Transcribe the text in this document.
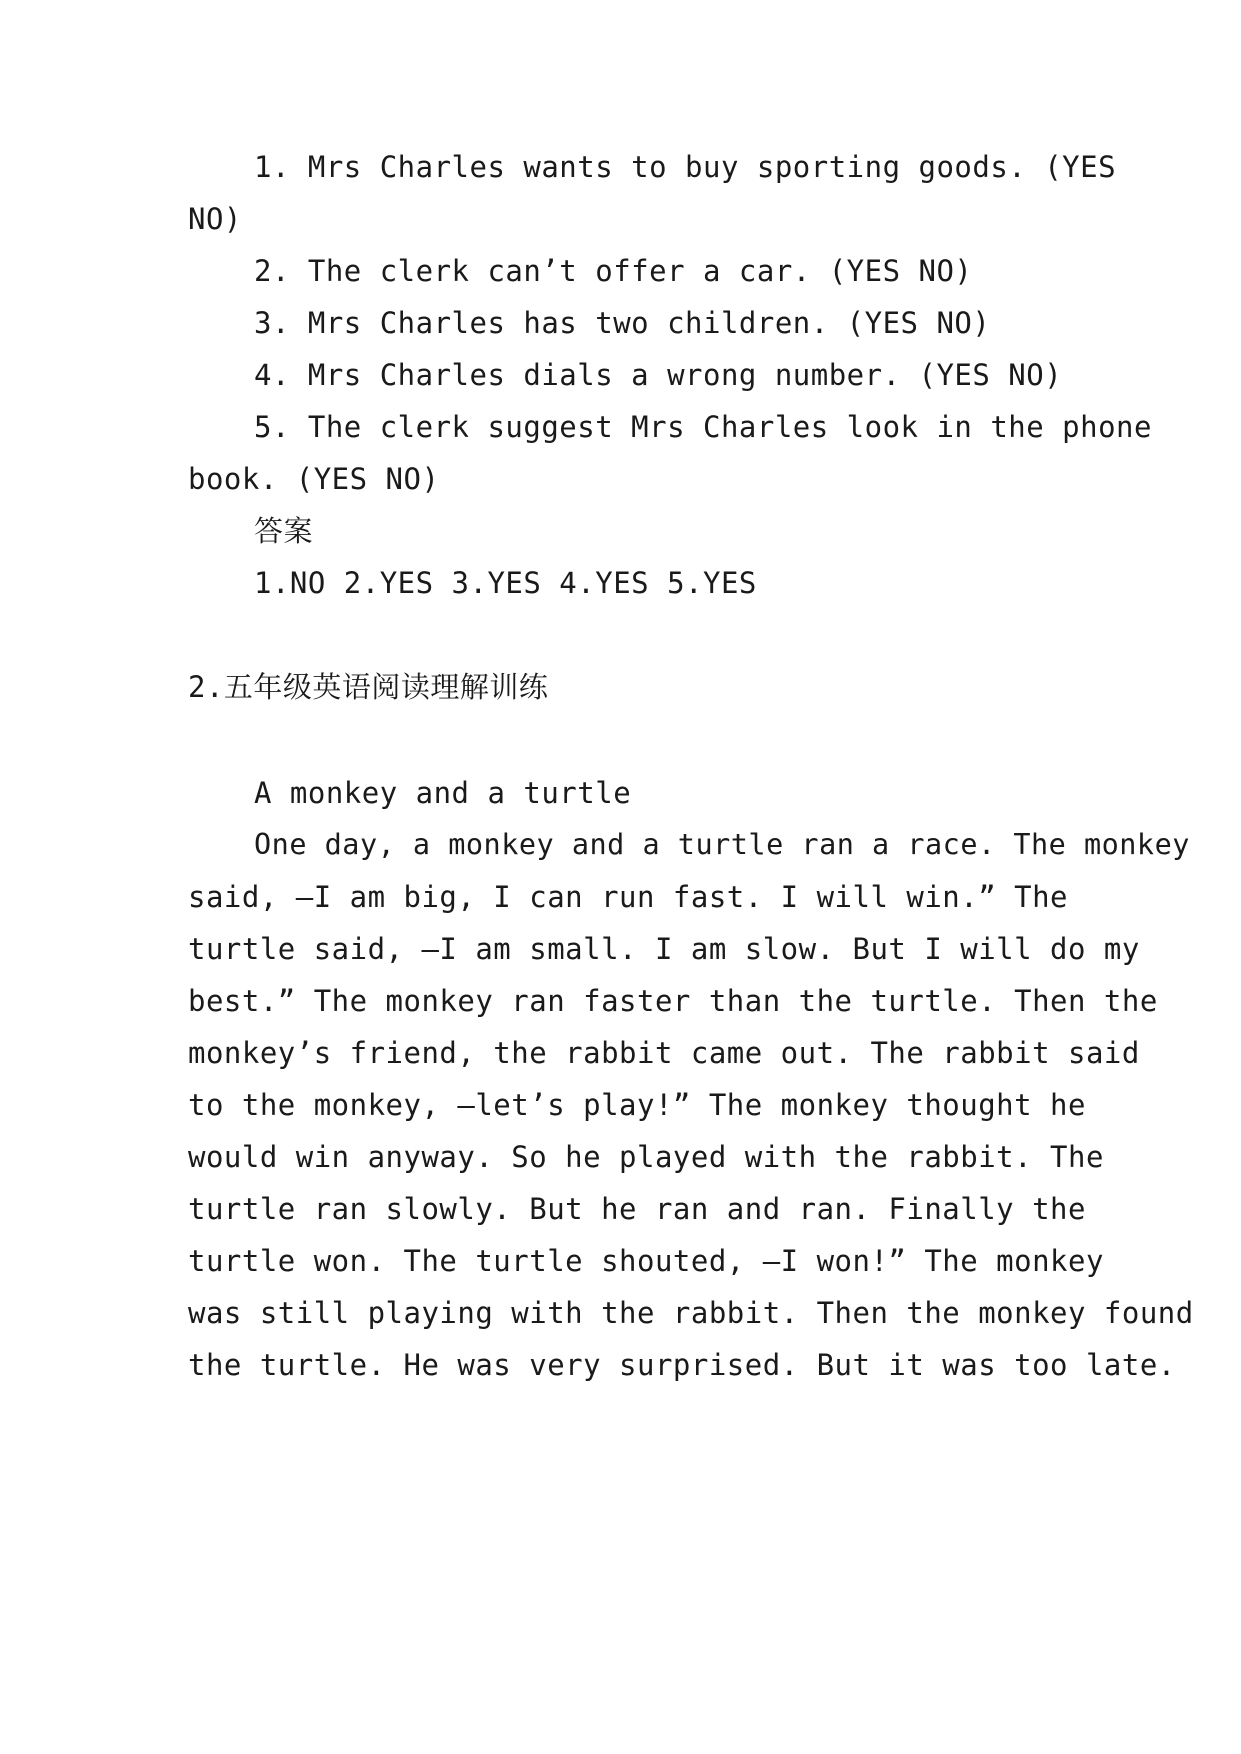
1. Mrs Charles wants to buy sporting goods. (YES
NO)
2. The clerk can’t offer a car. (YES NO)
3. Mrs Charles has two children. (YES NO)
4. Mrs Charles dials a wrong number. (YES NO)
5. The clerk suggest Mrs Charles look in the phone
book. (YES NO)
答案
1.NO 2.YES 3.YES 4.YES 5.YES
2.五年级英语阅读理解训练
A monkey and a turtle
One day, a monkey and a turtle ran a race. The monkey
said, —I am big, I can run fast. I will win.” The
turtle said, —I am small. I am slow. But I will do my
best.” The monkey ran faster than the turtle. Then the
monkey’s friend, the rabbit came out. The rabbit said
to the monkey, —let’s play!” The monkey thought he
would win anyway. So he played with the rabbit. The
turtle ran slowly. But he ran and ran. Finally the
turtle won. The turtle shouted, —I won!” The monkey
was still playing with the rabbit. Then the monkey found
the turtle. He was very surprised. But it was too late.
